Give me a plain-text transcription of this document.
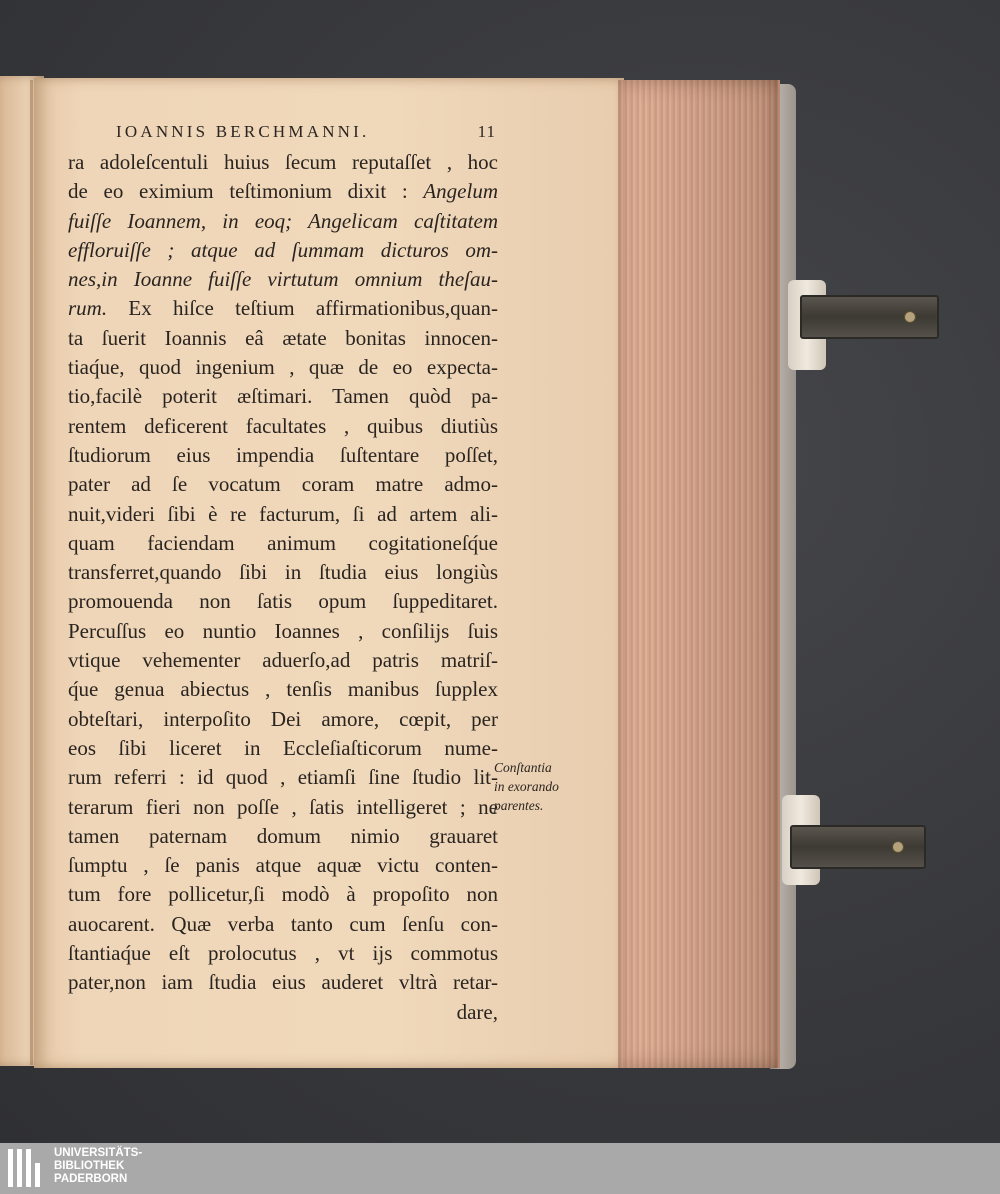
IOANNIS BERCHMANNI.	11
ra adoleſcentuli huius ſecum reputaſſet , hoc
de eo eximium teſtimonium dixit : Angelum
fuiſſe Ioannem, in eoq; Angelicam caſtitatem
effloruiſſe ; atque ad ſummam dicturos om-
nes,in Ioanne fuiſſe virtutum omnium theſau-
rum. Ex hiſce teſtium affirmationibus,quan-
ta ſuerit Ioannis eâ ætate bonitas innocen-
tiaq́ue, quod ingenium , quæ de eo expecta-
tio,facilè poterit æſtimari. Tamen quòd pa-
rentem deficerent facultates , quibus diutiùs
ſtudiorum eius impendia ſuſtentare poſſet,
pater ad ſe vocatum coram matre admo-
nuit,videri ſibi è re facturum, ſi ad artem ali-
quam faciendam animum cogitationeſq́ue
transferret,quando ſibi in ſtudia eius longiùs
promouenda non ſatis opum ſuppeditaret.
Percuſſus eo nuntio Ioannes , conſilijs ſuis
vtique vehementer aduerſo,ad patris matriſ-
q́ue genua abiectus , tenſis manibus ſupplex
obteſtari, interpoſito Dei amore, cœpit, per
eos ſibi liceret in Eccleſiaſticorum nume-
rum referri : id quod , etiamſi ſine ſtudio lit-
terarum fieri non poſſe , ſatis intelligeret ; ne
tamen paternam domum nimio grauaret
ſumptu , ſe panis atque aquæ victu conten-
tum fore pollicetur,ſi modò à propoſito non
auocarent. Quæ verba tanto cum ſenſu con-
ſtantiaq́ue eſt prolocutus , vt ijs commotus
pater,non iam ſtudia eius auderet vltrà retar-
dare,
Conſtantia
in exorando
parentes.
UNIVERSITÄTS-
BIBLIOTHEK
PADERBORN
